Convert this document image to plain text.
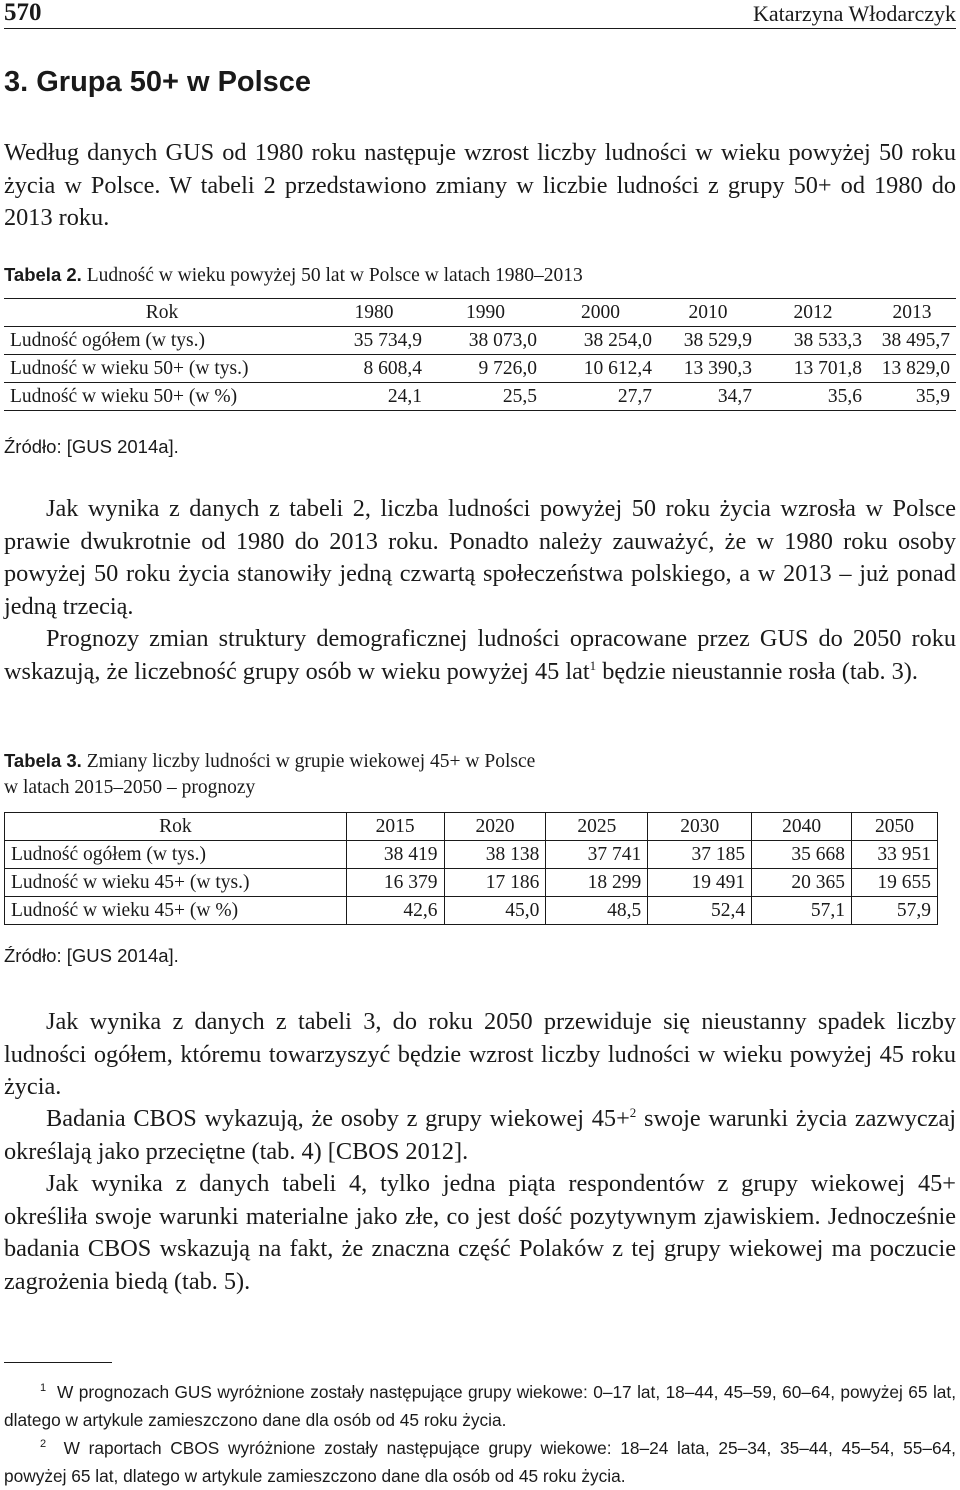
570	Katarzyna Włodarczyk
3. Grupa 50+ w Polsce

Według danych GUS od 1980 roku następuje wzrost liczby ludności w wieku powyżej 50 roku życia w Polsce. W tabeli 2 przedstawiono zmiany w liczbie ludności z grupy 50+ od 1980 do 2013 roku.

Tabela 2. Ludność w wieku powyżej 50 lat w Polsce w latach 1980–2013
Rok	1980	1990	2000	2010	2012	2013
Ludność ogółem (w tys.)	35 734,9	38 073,0	38 254,0	38 529,9	38 533,3	38 495,7
Ludność w wieku 50+ (w tys.)	8 608,4	9 726,0	10 612,4	13 390,3	13 701,8	13 829,0
Ludność w wieku 50+ (w %)	24,1	25,5	27,7	34,7	35,6	35,9
Źródło: [GUS 2014a].

Jak wynika z danych z tabeli 2, liczba ludności powyżej 50 roku życia wzrosła w Polsce prawie dwukrotnie od 1980 do 2013 roku. Ponadto należy zauważyć, że w 1980 roku osoby powyżej 50 roku życia stanowiły jedną czwartą społeczeństwa polskiego, a w 2013 – już ponad jedną trzecią.

Prognozy zmian struktury demograficznej ludności opracowane przez GUS do 2050 roku wskazują, że liczebność grupy osób w wieku powyżej 45 lat$^1$ będzie nieustannie rosła (tab. 3).

Tabela 3. Zmiany liczby ludności w grupie wiekowej 45+ w Polsce
w latach 2015–2050 – prognozy
Rok	2015	2020	2025	2030	2040	2050
Ludność ogółem (w tys.)	38 419	38 138	37 741	37 185	35 668	33 951
Ludność w wieku 45+ (w tys.)	16 379	17 186	18 299	19 491	20 365	19 655
Ludność w wieku 45+ (w %)	42,6	45,0	48,5	52,4	57,1	57,9
Źródło: [GUS 2014a].

Jak wynika z danych z tabeli 3, do roku 2050 przewiduje się nieustanny spadek liczby ludności ogółem, któremu towarzyszyć będzie wzrost liczby ludności w wieku powyżej 45 roku życia.

Badania CBOS wykazują, że osoby z grupy wiekowej 45+$^2$ swoje warunki życia zazwyczaj określają jako przeciętne (tab. 4) [CBOS 2012].

Jak wynika z danych tabeli 4, tylko jedna piąta respondentów z grupy wiekowej 45+ określiła swoje warunki materialne jako złe, co jest dość pozytywnym zjawiskiem. Jednocześnie badania CBOS wskazują na fakt, że znaczna część Polaków z tej grupy wiekowej ma poczucie zagrożenia biedą (tab. 5).

$^1$ W prognozach GUS wyróżnione zostały następujące grupy wiekowe: 0–17 lat, 18–44, 45–59, 60–64, powyżej 65 lat, dlatego w artykule zamieszczono dane dla osób od 45 roku życia.
$^2$ W raportach CBOS wyróżnione zostały następujące grupy wiekowe: 18–24 lata, 25–34, 35–44, 45–54, 55–64, powyżej 65 lat, dlatego w artykule zamieszczono dane dla osób od 45 roku życia.
